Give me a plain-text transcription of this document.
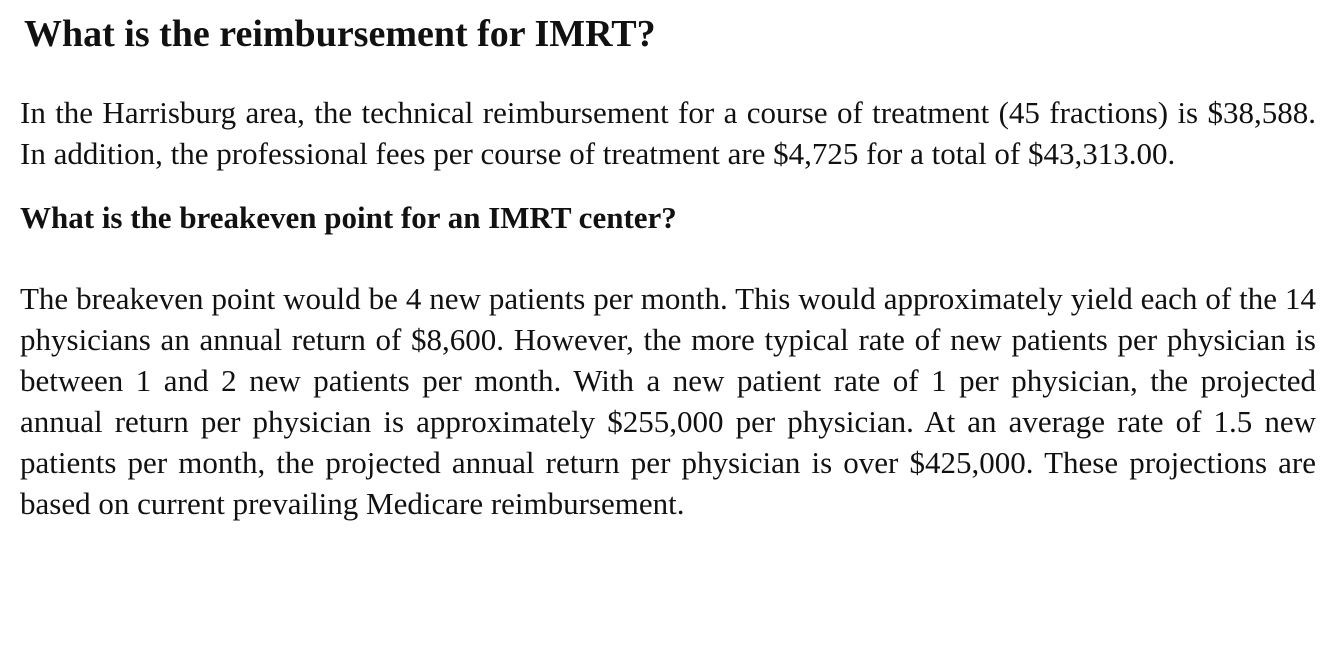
What is the reimbursement for IMRT?

In the Harrisburg area, the technical reimbursement for a course of treatment (45 fractions) is $38,588. In addition, the professional fees per course of treatment are $4,725 for a total of $43,313.00.

What is the breakeven point for an IMRT center?

The breakeven point would be 4 new patients per month. This would approximately yield each of the 14 physicians an annual return of $8,600. However, the more typical rate of new patients per physician is between 1 and 2 new patients per month. With a new patient rate of 1 per physician, the projected annual return per physician is approximately $255,000 per physician. At an average rate of 1.5 new patients per month, the projected annual return per physician is over $425,000. These projections are based on current prevailing Medicare reimbursement.
